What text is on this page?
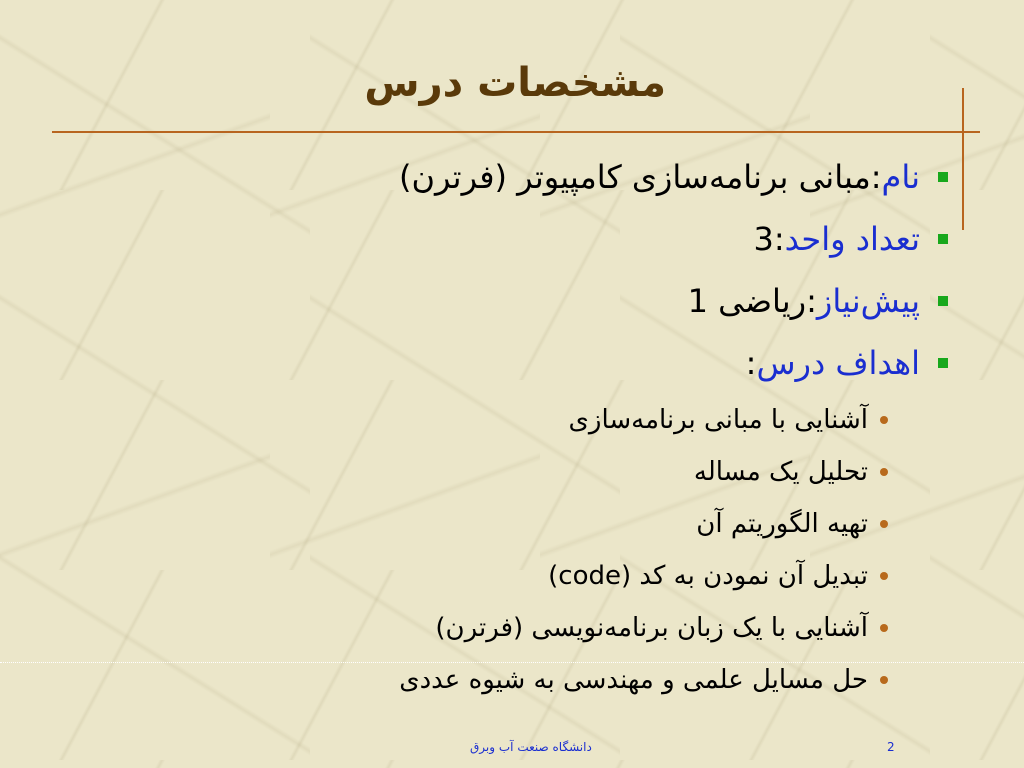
مشخصات درس
نام
:
مبانی برنامه‌سازی کامپیوتر (فرترن)
تعداد واحد
:
3
پیش‌نیاز
:
ریاضی 1
اهداف درس
:
آشنایی با مبانی برنامه‌سازی
تحلیل یک مساله
تهیه الگوریتم آن
تبدیل آن نمودن به کد (code)
آشنایی با یک زبان برنامه‌نویسی (فرترن)
حل مسایل علمی و مهندسی به شیوه عددی
دانشگاه صنعت آب وبرق	2
